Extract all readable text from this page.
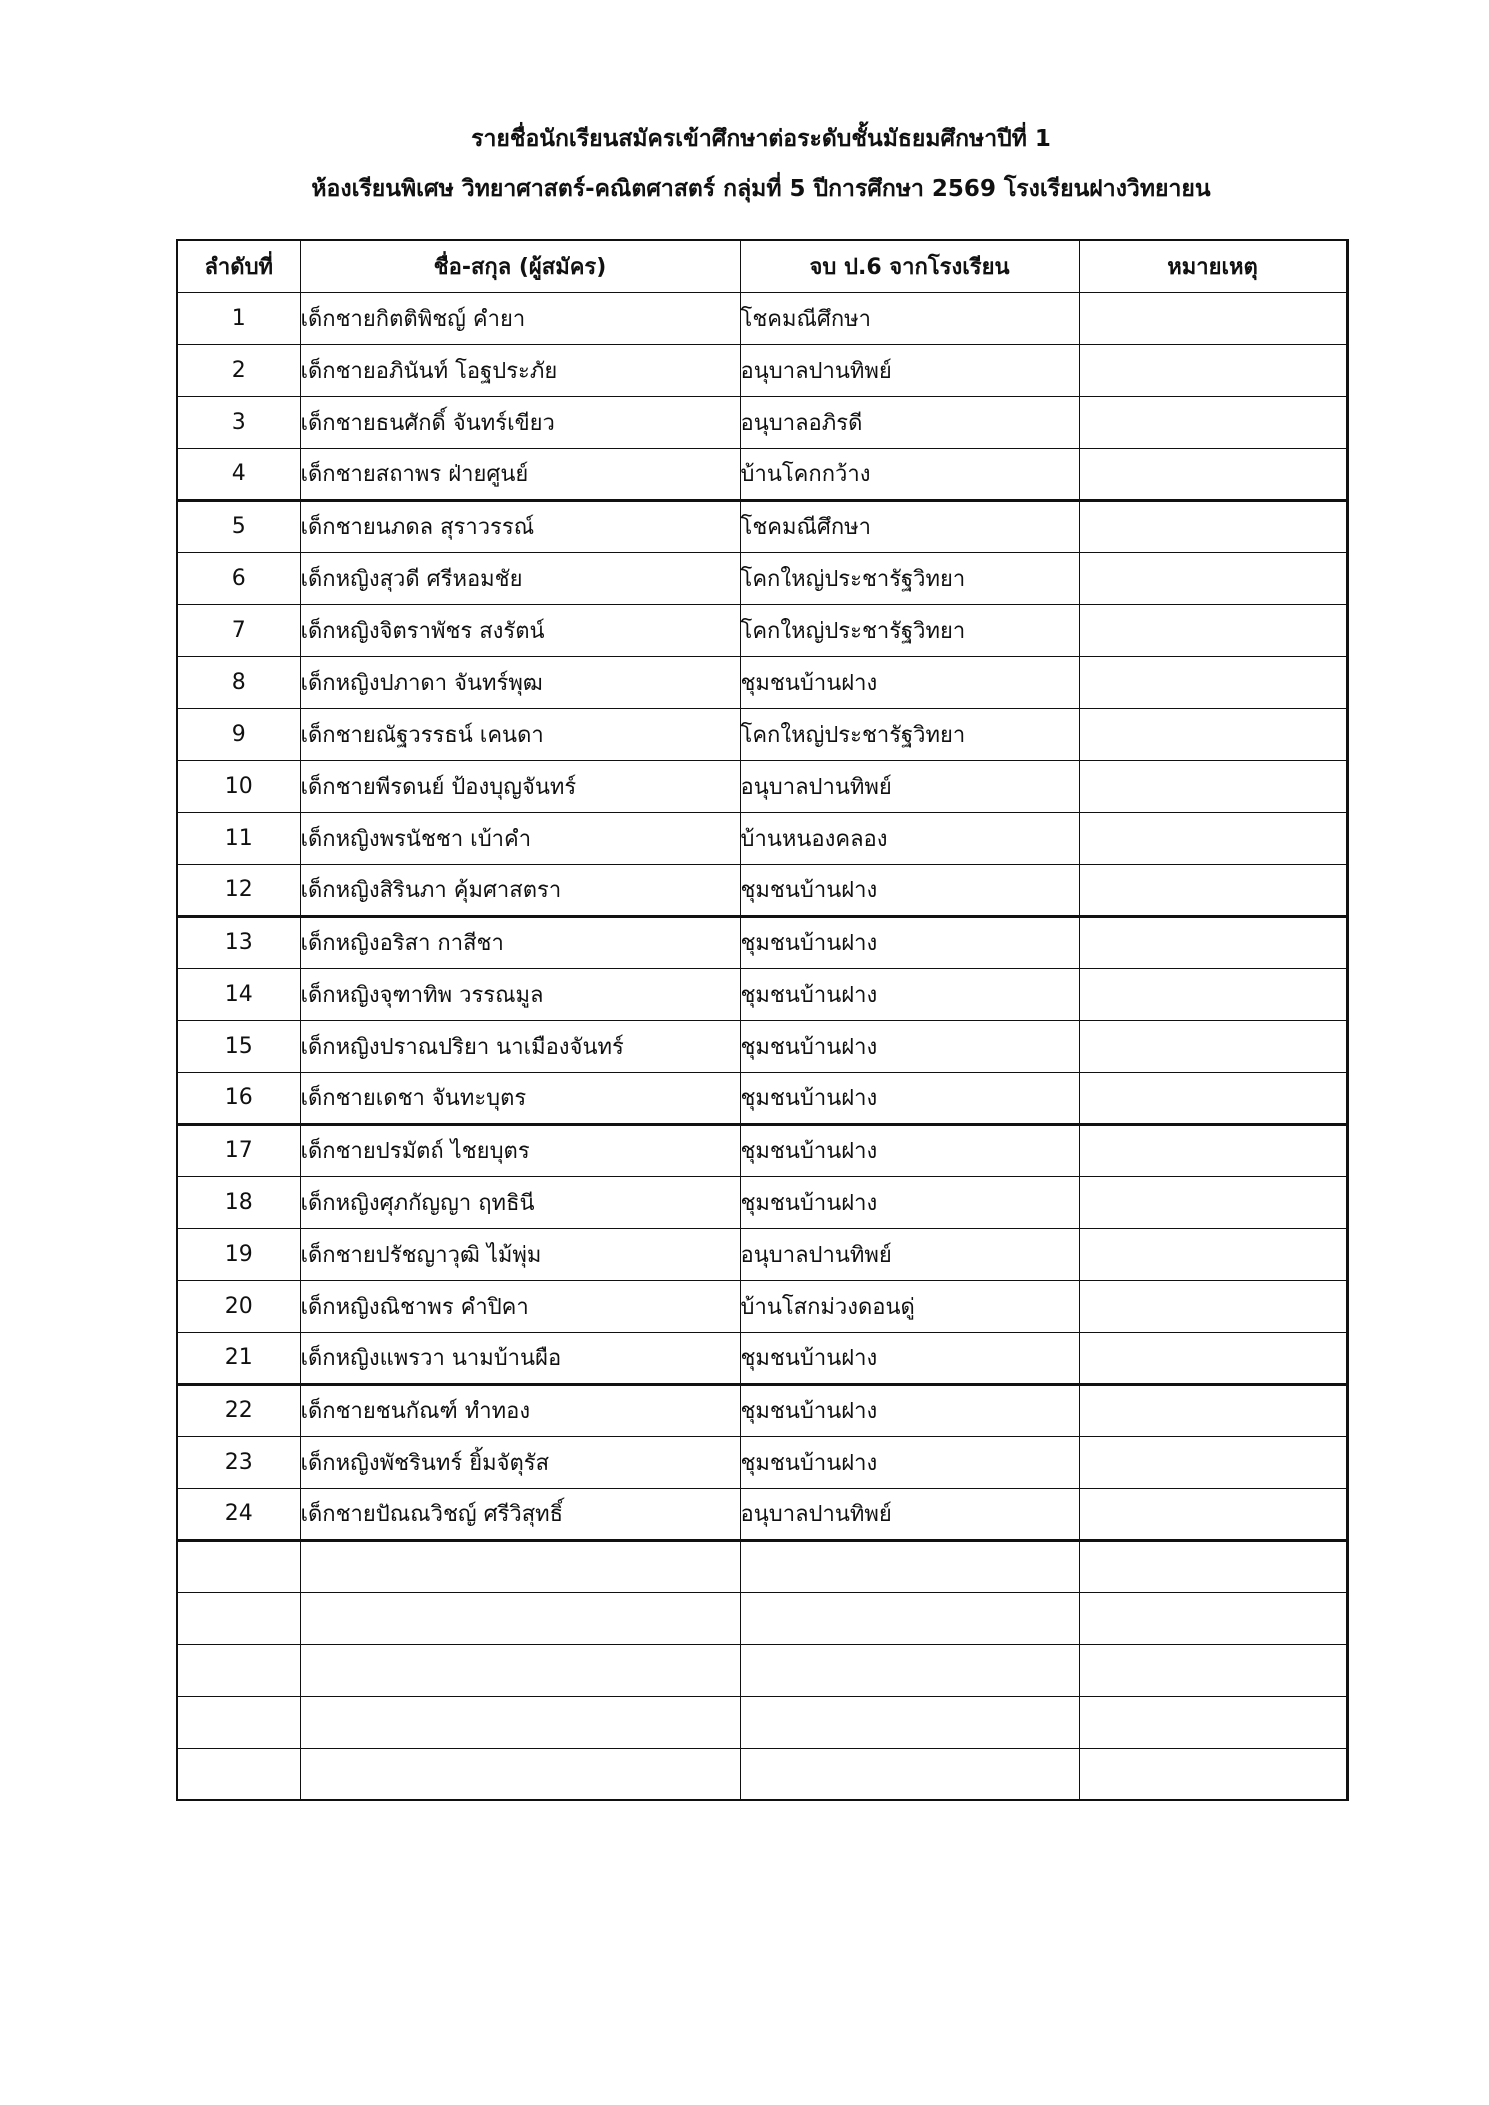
รายชื่อนักเรียนสมัครเข้าศึกษาต่อระดับชั้นมัธยมศึกษาปีที่ 1
ห้องเรียนพิเศษ วิทยาศาสตร์-คณิตศาสตร์ กลุ่มที่ 5 ปีการศึกษา 2569 โรงเรียนฝางวิทยายน
ลำดับที่	ชื่อ-สกุล (ผู้สมัคร)	จบ ป.6 จากโรงเรียน	หมายเหตุ
1	เด็กชายกิตติพิชญ์ คำยา	โชคมณีศึกษา	
2	เด็กชายอภินันท์ โอฐประภัย	อนุบาลปานทิพย์	
3	เด็กชายธนศักดิ์ จันทร์เขียว	อนุบาลอภิรดี	
4	เด็กชายสถาพร ฝ่ายศูนย์	บ้านโคกกว้าง	
5	เด็กชายนภดล สุราวรรณ์	โชคมณีศึกษา	
6	เด็กหญิงสุวดี ศรีหอมชัย	โคกใหญ่ประชารัฐวิทยา	
7	เด็กหญิงจิตราพัชร สงรัตน์	โคกใหญ่ประชารัฐวิทยา	
8	เด็กหญิงปภาดา จันทร์พุฒ	ชุมชนบ้านฝาง	
9	เด็กชายณัฐวรรธน์ เคนดา	โคกใหญ่ประชารัฐวิทยา	
10	เด็กชายพีรดนย์ ป้องบุญจันทร์	อนุบาลปานทิพย์	
11	เด็กหญิงพรนัชชา เบ้าคำ	บ้านหนองคลอง	
12	เด็กหญิงสิรินภา คุ้มศาสตรา	ชุมชนบ้านฝาง	
13	เด็กหญิงอริสา กาสีชา	ชุมชนบ้านฝาง	
14	เด็กหญิงจุฑาทิพ วรรณมูล	ชุมชนบ้านฝาง	
15	เด็กหญิงปราณปริยา นาเมืองจันทร์	ชุมชนบ้านฝาง	
16	เด็กชายเดชา จันทะบุตร	ชุมชนบ้านฝาง	
17	เด็กชายปรมัตถ์ ไชยบุตร	ชุมชนบ้านฝาง	
18	เด็กหญิงศุภกัญญา ฤทธินี	ชุมชนบ้านฝาง	
19	เด็กชายปรัชญาวุฒิ ไม้พุ่ม	อนุบาลปานทิพย์	
20	เด็กหญิงณิชาพร คำปิคา	บ้านโสกม่วงดอนดู่	
21	เด็กหญิงแพรวา นามบ้านผือ	ชุมชนบ้านฝาง	
22	เด็กชายชนกัณฑ์ ทำทอง	ชุมชนบ้านฝาง	
23	เด็กหญิงพัชรินทร์ ยิ้มจัตุรัส	ชุมชนบ้านฝาง	
24	เด็กชายปัณณวิชญ์ ศรีวิสุทธิ์	อนุบาลปานทิพย์	
